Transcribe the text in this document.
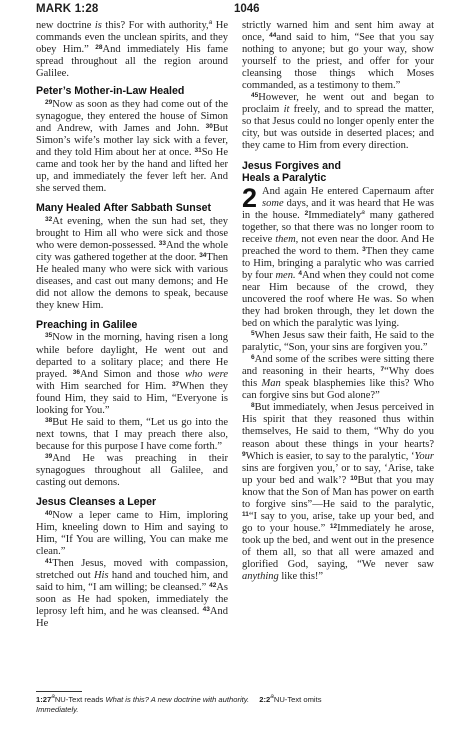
MARK 1:28	1046

new doctrine is this? For with authority,$^a$ He commands even the unclean spirits, and they obey Him.” $^{28}$And immediately His fame spread throughout all the region around Galilee.

Peter’s Mother-in-Law Healed

$^{29}$Now as soon as they had come out of the synagogue, they entered the house of Simon and Andrew, with James and John. $^{30}$But Simon’s wife’s mother lay sick with a fever, and they told Him about her at once. $^{31}$So He came and took her by the hand and lifted her up, and immediately the fever left her. And she served them.

Many Healed After Sabbath Sunset

$^{32}$At evening, when the sun had set, they brought to Him all who were sick and those who were demon-possessed. $^{33}$And the whole city was gathered together at the door. $^{34}$Then He healed many who were sick with various diseases, and cast out many demons; and He did not allow the demons to speak, because they knew Him.

Preaching in Galilee

$^{35}$Now in the morning, having risen a long while before daylight, He went out and departed to a solitary place; and there He prayed. $^{36}$And Simon and those who were with Him searched for Him. $^{37}$When they found Him, they said to Him, “Everyone is looking for You.”

$^{38}$But He said to them, “Let us go into the next towns, that I may preach there also, because for this purpose I have come forth.”

$^{39}$And He was preaching in their synagogues throughout all Galilee, and casting out demons.

Jesus Cleanses a Leper

$^{40}$Now a leper came to Him, imploring Him, kneeling down to Him and saying to Him, “If You are willing, You can make me clean.”

$^{41}$Then Jesus, moved with compassion, stretched out His hand and touched him, and said to him, “I am willing; be cleansed.” $^{42}$As soon as He had spoken, immediately the leprosy left him, and he was cleansed. $^{43}$And He

strictly warned him and sent him away at once, $^{44}$and said to him, “See that you say nothing to anyone; but go your way, show yourself to the priest, and offer for your cleansing those things which Moses commanded, as a testimony to them.”

$^{45}$However, he went out and began to proclaim it freely, and to spread the matter, so that Jesus could no longer openly enter the city, but was outside in deserted places; and they came to Him from every direction.

Jesus Forgives and
Heals a Paralytic

2 And again He entered Capernaum after some days, and it was heard that He was in the house. $^2$Immediately$^a$ many gathered together, so that there was no longer room to receive them, not even near the door. And He preached the word to them. $^3$Then they came to Him, bringing a paralytic who was carried by four men. $^4$And when they could not come near Him because of the crowd, they uncovered the roof where He was. So when they had broken through, they let down the bed on which the paralytic was lying.

$^5$When Jesus saw their faith, He said to the paralytic, “Son, your sins are forgiven you.”

$^6$And some of the scribes were sitting there and reasoning in their hearts, $^7$“Why does this Man speak blasphemies like this? Who can forgive sins but God alone?”

$^8$But immediately, when Jesus perceived in His spirit that they reasoned thus within themselves, He said to them, “Why do you reason about these things in your hearts? $^9$Which is easier, to say to the paralytic, ‘Your sins are forgiven you,’ or to say, ‘Arise, take up your bed and walk’? $^{10}$But that you may know that the Son of Man has power on earth to forgive sins”—He said to the paralytic, $^{11}$“I say to you, arise, take up your bed, and go to your house.” $^{12}$Immediately he arose, took up the bed, and went out in the presence of them all, so that all were amazed and glorified God, saying, “We never saw anything like this!”

1:27$^a$NU-Text reads What is this? A new doctrine with authority. 2:2$^a$NU-Text omits
Immediately.
